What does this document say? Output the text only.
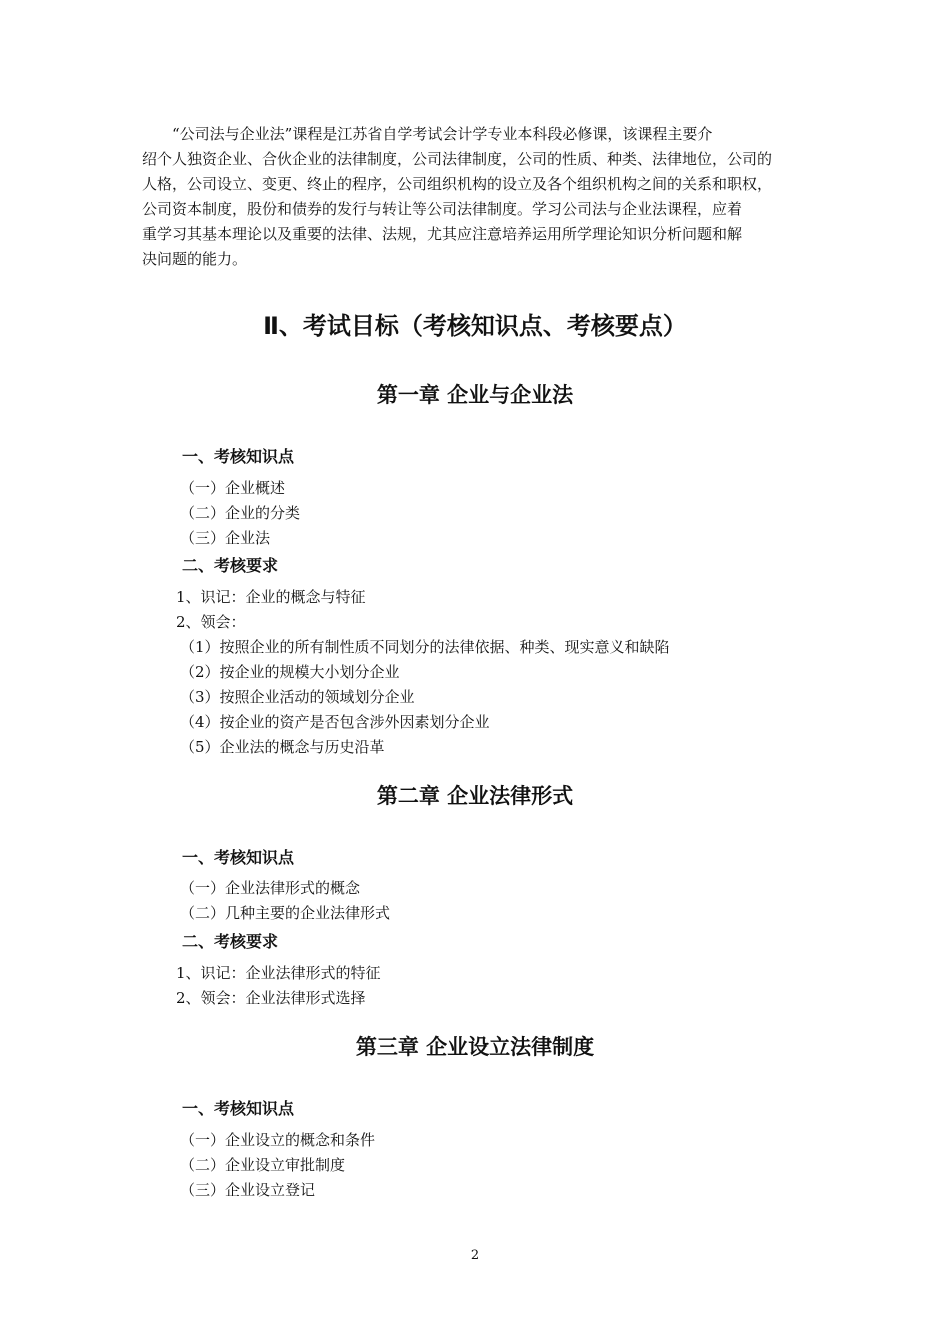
“公司法与企业法”课程是江苏省自学考试会计学专业本科段必修课，该课程主要介
绍个人独资企业、合伙企业的法律制度，公司法律制度，公司的性质、种类、法律地位，公司的
人格，公司设立、变更、终止的程序，公司组织机构的设立及各个组织机构之间的关系和职权，
公司资本制度，股份和债券的发行与转让等公司法律制度。学习公司法与企业法课程，应着
重学习其基本理论以及重要的法律、法规，尤其应注意培养运用所学理论知识分析问题和解
决问题的能力。
Ⅱ、考试目标（考核知识点、考核要点）
第一章 企业与企业法
一、考核知识点
（一）企业概述
（二）企业的分类
（三）企业法
二、考核要求
1、识记：企业的概念与特征
2、领会：
（1）按照企业的所有制性质不同划分的法律依据、种类、现实意义和缺陷
（2）按企业的规模大小划分企业
（3）按照企业活动的领域划分企业
（4）按企业的资产是否包含涉外因素划分企业
（5）企业法的概念与历史沿革
第二章 企业法律形式
一、考核知识点
（一）企业法律形式的概念
（二）几种主要的企业法律形式
二、考核要求
1、识记：企业法律形式的特征
2、领会：企业法律形式选择
第三章 企业设立法律制度
一、考核知识点
（一）企业设立的概念和条件
（二）企业设立审批制度
（三）企业设立登记
2
